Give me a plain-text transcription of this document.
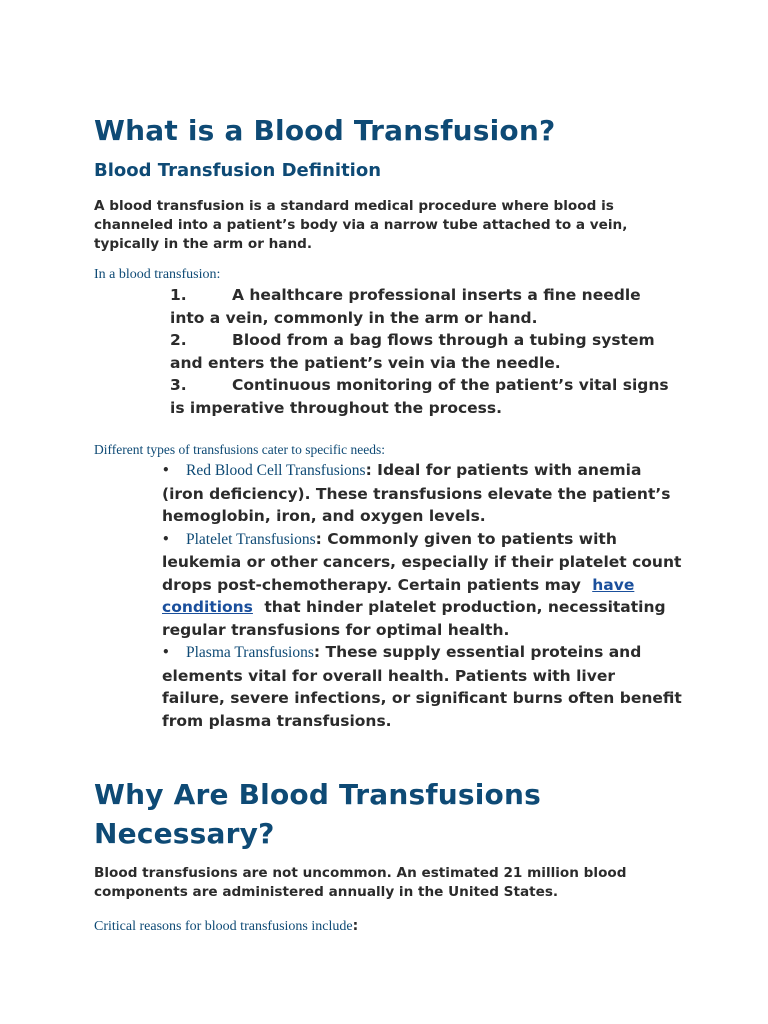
What is a Blood Transfusion?
Blood Transfusion Definition

A blood transfusion is a standard medical procedure where blood is channeled into a patient’s body via a narrow tube attached to a vein, typically in the arm or hand.

In a blood transfusion:

1.	A healthcare professional inserts a fine needle into a vein, commonly in the arm or hand.
2.	Blood from a bag flows through a tubing system and enters the patient’s vein via the needle.
3.	Continuous monitoring of the patient’s vital signs is imperative throughout the process.

Different types of transfusions cater to specific needs:

• Red Blood Cell Transfusions: Ideal for patients with anemia (iron deficiency). These transfusions elevate the patient’s hemoglobin, iron, and oxygen levels.
• Platelet Transfusions: Commonly given to patients with leukemia or other cancers, especially if their platelet count drops post-chemotherapy. Certain patients may have conditions that hinder platelet production, necessitating regular transfusions for optimal health.
• Plasma Transfusions: These supply essential proteins and elements vital for overall health. Patients with liver failure, severe infections, or significant burns often benefit from plasma transfusions.
Why Are Blood Transfusions Necessary?

Blood transfusions are not uncommon. An estimated 21 million blood components are administered annually in the United States.

Critical reasons for blood transfusions include:
